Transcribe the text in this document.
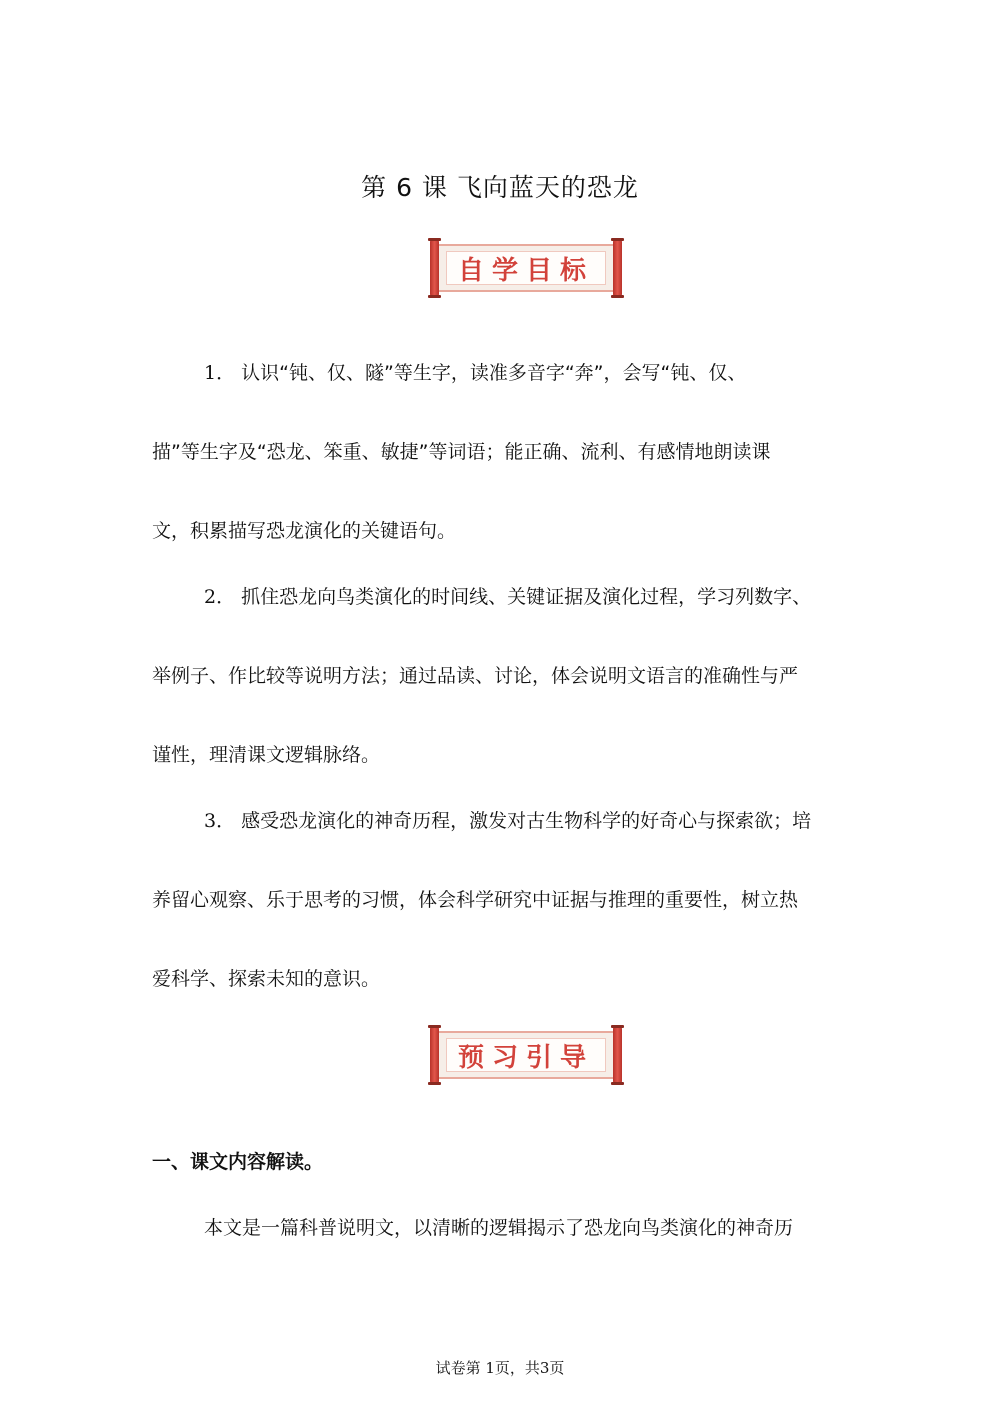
第 6 课 飞向蓝天的恐龙
自学目标
1． 认识“钝、仅、隧”等生字，读准多音字“奔”，会写“钝、仅、
描”等生字及“恐龙、笨重、敏捷”等词语；能正确、流利、有感情地朗读课
文，积累描写恐龙演化的关键语句。
2． 抓住恐龙向鸟类演化的时间线、关键证据及演化过程，学习列数字、
举例子、作比较等说明方法；通过品读、讨论，体会说明文语言的准确性与严
谨性，理清课文逻辑脉络。
3． 感受恐龙演化的神奇历程，激发对古生物科学的好奇心与探索欲；培
养留心观察、乐于思考的习惯，体会科学研究中证据与推理的重要性，树立热
爱科学、探索未知的意识。
预习引导
一、课文内容解读。
本文是一篇科普说明文，以清晰的逻辑揭示了恐龙向鸟类演化的神奇历
试卷第 1页，共3页
